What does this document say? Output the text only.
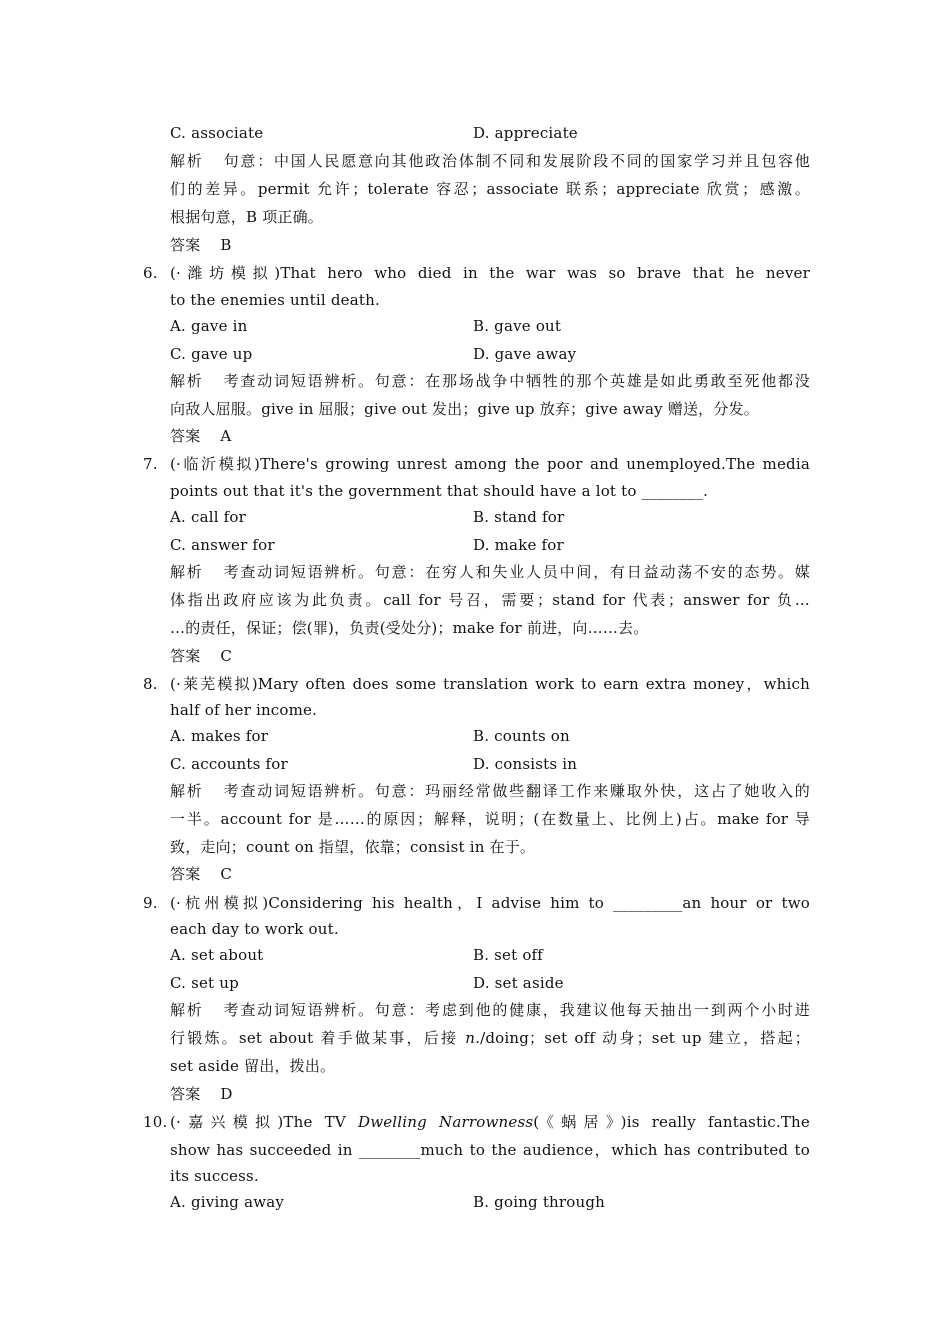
C. associate	D. appreciate
解析 句意：中国人民愿意向其他政治体制不同和发展阶段不同的国家学习并且包容他
们的差异。permit 允许；tolerate 容忍；associate 联系；appreciate 欣赏；感激。
根据句意，B 项正确。
答案 B
6. (·潍坊模拟)That hero who died in the war was so brave that he never
to the enemies until death.
A. gave in	B. gave out
C. gave up	D. gave away
解析 考查动词短语辨析。句意：在那场战争中牺牲的那个英雄是如此勇敢至死他都没
向敌人屈服。give in 屈服；give out 发出；give up 放弃；give away 赠送，分发。
答案 A
7. (·临沂模拟)There's growing unrest among the poor and unemployed.The media
points out that it's the government that should have a lot to ________.
A. call for	B. stand for
C. answer for	D. make for
解析 考查动词短语辨析。句意：在穷人和失业人员中间，有日益动荡不安的态势。媒
体指出政府应该为此负责。call for 号召，需要；stand for 代表；answer for 负…
…的责任，保证；偿(罪)，负责(受处分)；make for 前进，向……去。
答案 C
8. (·莱芜模拟)Mary often does some translation work to earn extra money，which
half of her income.
A. makes for	B. counts on
C. accounts for	D. consists in
解析 考查动词短语辨析。句意：玛丽经常做些翻译工作来赚取外快，这占了她收入的
一半。account for 是……的原因；解释，说明；(在数量上、比例上)占。make for 导
致，走向；count on 指望，依靠；consist in 在于。
答案 C
9. (·杭州模拟)Considering his health，I advise him to _________an hour or two
each day to work out.
A. set about	B. set off
C. set up	D. set aside
解析 考查动词短语辨析。句意：考虑到他的健康，我建议他每天抽出一到两个小时进
行锻炼。set about 着手做某事，后接 n./doing；set off 动身；set up 建立，搭起；
set aside 留出，拨出。
答案 D
10. (·嘉兴模拟)The TV Dwelling Narrowness(《蜗居》)is really fantastic.The
show has succeeded in ________much to the audience，which has contributed to
its success.
A. giving away	B. going through
